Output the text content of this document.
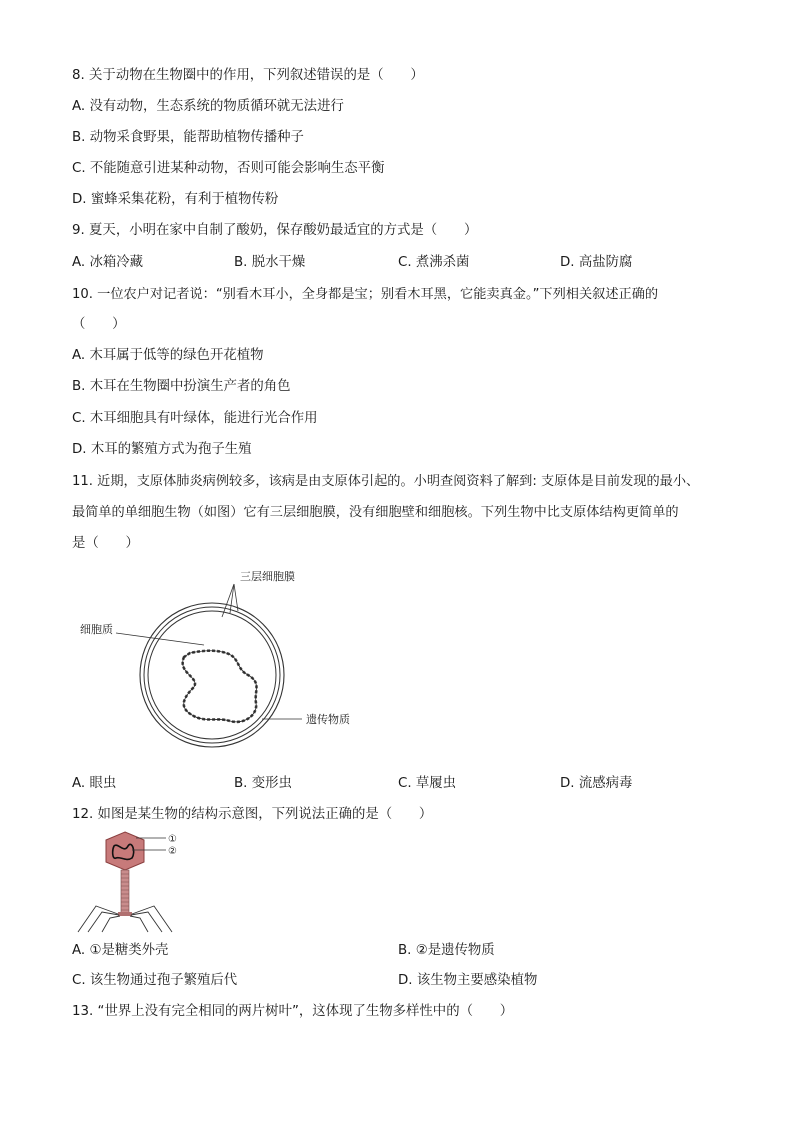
8. 关于动物在生物圈中的作用，下列叙述错误的是（　　）
A. 没有动物，生态系统的物质循环就无法进行
B. 动物采食野果，能帮助植物传播种子
C. 不能随意引进某种动物，否则可能会影响生态平衡
D. 蜜蜂采集花粉，有利于植物传粉
9. 夏天，小明在家中自制了酸奶，保存酸奶最适宜的方式是（　　）
A. 冰箱冷藏	B. 脱水干燥	C. 煮沸杀菌	D. 高盐防腐
10. 一位农户对记者说：“别看木耳小，全身都是宝；别看木耳黑，它能卖真金。”下列相关叙述正确的
（　　）
A. 木耳属于低等的绿色开花植物
B. 木耳在生物圈中扮演生产者的角色
C. 木耳细胞具有叶绿体，能进行光合作用
D. 木耳的繁殖方式为孢子生殖
11. 近期，支原体肺炎病例较多，该病是由支原体引起的。小明查阅资料了解到: 支原体是目前发现的最小、
最简单的单细胞生物（如图）它有三层细胞膜，没有细胞壁和细胞核。下列生物中比支原体结构更简单的
是（　　）
三层细胞膜
细胞质
遗传物质
A. 眼虫	B. 变形虫	C. 草履虫	D. 流感病毒
12. 如图是某生物的结构示意图，下列说法正确的是（　　）
①
②
A. ①是糖类外壳	B. ②是遗传物质
C. 该生物通过孢子繁殖后代	D. 该生物主要感染植物
13. “世界上没有完全相同的两片树叶”，这体现了生物多样性中的（　　）
